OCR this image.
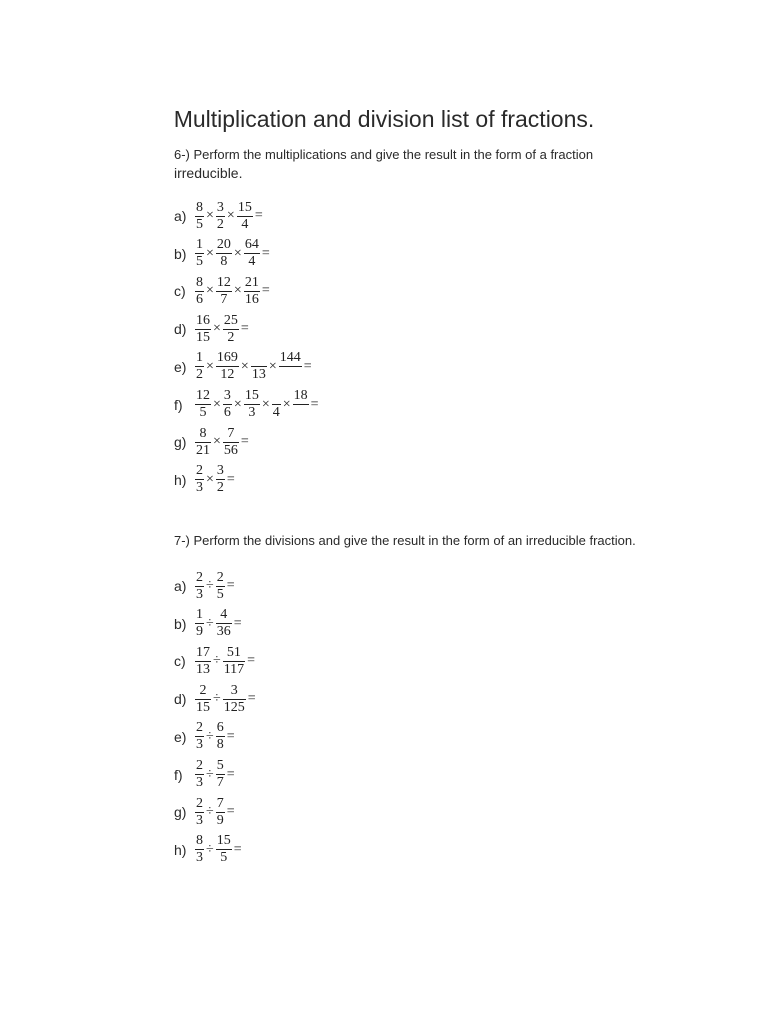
Multiplication and division list of fractions.
6-) Perform the multiplications and give the result in the form of a fraction
irreducible.
$a) \frac{8}{5} \times \frac{3}{2} \times \frac{15}{4}$ =
$b) \frac{1}{5} \times \frac{20}{8} \times \frac{64}{4}$ =
$c) \frac{8}{6} \times \frac{12}{7} \times \frac{21}{16}$ =
$d) \frac{16}{15} \times \frac{25}{2}$ =
$e) \frac{1}{2} \times \frac{169}{12}$ ×

13
×
144

=
$f) \frac{12}{5} \times \frac{3}{6} \times \frac{15}{3}$ ×

4
×
18

=
$g) \frac{8}{21} \times \frac{7}{56}$ =
$h) \frac{2}{3} \times \frac{3}{2}$ =
7-) Perform the divisions and give the result in the form of an irreducible fraction.
$a) \frac{2}{3} \div \frac{2}{5}$ =
$b) \frac{1}{9} \div \frac{4}{36}$ =
$c) \frac{17}{13} \div \frac{51}{117}$ =
$d) \frac{2}{15} \div \frac{3}{125}$ =
$e) \frac{2}{3} \div \frac{6}{8}$ =
$f) \frac{2}{3} \div \frac{5}{7}$ =
$g) \frac{2}{3} \div \frac{7}{9}$ =
$h) \frac{8}{3} \div \frac{15}{5}$ =
